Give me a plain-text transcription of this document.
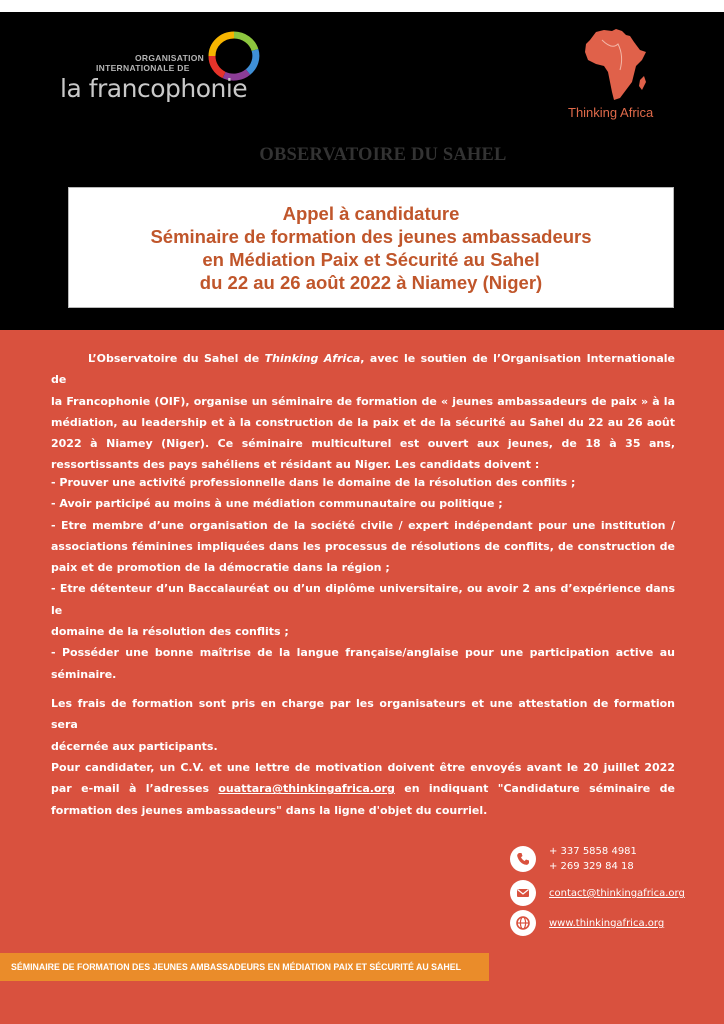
ORGANISATION
INTERNATIONALE DE
la francophonie
Thinking Africa
OBSERVATOIRE DU SAHEL
Appel à candidature
Séminaire de formation des jeunes ambassadeurs
en Médiation Paix et Sécurité au Sahel
du 22 au 26 août 2022 à Niamey (Niger)
L’Observatoire du Sahel de Thinking Africa, avec le soutien de l’Organisation Internationale de
la Francophonie (OIF), organise un séminaire de formation de « jeunes ambassadeurs de paix » à la
médiation, au leadership et à la construction de la paix et de la sécurité au Sahel du 22 au 26 août
2022 à Niamey (Niger). Ce séminaire multiculturel est ouvert aux jeunes, de 18 à 35 ans,
ressortissants des pays sahéliens et résidant au Niger. Les candidats doivent :
- Prouver une activité professionnelle dans le domaine de la résolution des conflits ;
- Avoir participé au moins à une médiation communautaire ou politique ;
- Etre membre d’une organisation de la société civile / expert indépendant pour une institution /
associations féminines impliquées dans les processus de résolutions de conflits, de construction de
paix et de promotion de la démocratie dans la région ;
- Etre détenteur d’un Baccalauréat ou d’un diplôme universitaire, ou avoir 2 ans d’expérience dans le
domaine de la résolution des conflits ;
- Posséder une bonne maîtrise de la langue française/anglaise pour une participation active au
séminaire.
Les frais de formation sont pris en charge par les organisateurs et une attestation de formation sera
décernée aux participants.
Pour candidater, un C.V. et une lettre de motivation doivent être envoyés avant le 20 juillet 2022
par e-mail à l’adresses ouattara@thinkingafrica.org en indiquant "Candidature séminaire de
formation des jeunes ambassadeurs" dans la ligne d'objet du courriel.
+ 337 5858 4981
+ 269 329 84 18
contact@thinkingafrica.org
www.thinkingafrica.org
SÉMINAIRE DE FORMATION DES JEUNES AMBASSADEURS EN MÉDIATION PAIX ET SÉCURITÉ AU SAHEL
